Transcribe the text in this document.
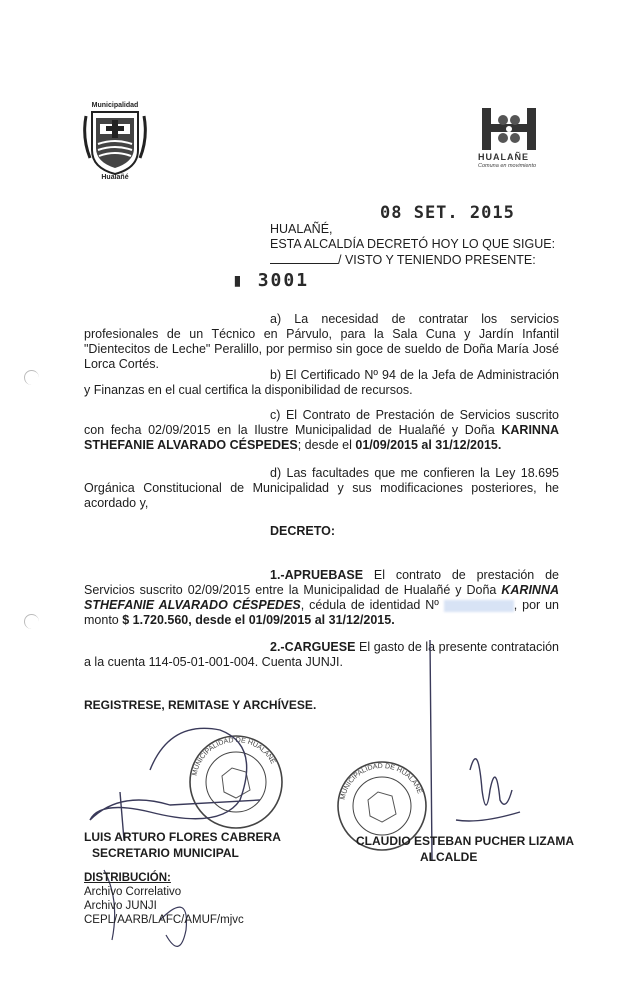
Municipalidad
Hualañé
HUALAÑE
Comuna en movimiento
08 SET. 2015
HUALAÑÉ,
ESTA ALCALDÍA DECRETÓ HOY LO QUE SIGUE:
/ VISTO Y TENIENDO PRESENTE:
▮ 3001
a) La necesidad de contratar los servicios profesionales de un Técnico en Párvulo, para la Sala Cuna y Jardín Infantil "Dientecitos de Leche" Peralillo, por permiso sin goce de sueldo de Doña María José Lorca Cortés.
b) El Certificado Nº 94 de la Jefa de Administración y Finanzas en el cual certifica la disponibilidad de recursos.
c) El Contrato de Prestación de Servicios suscrito con fecha 02/09/2015 en la Ilustre Municipalidad de Hualañé y Doña KARINNA STHEFANIE ALVARADO CÉSPEDES; desde el 01/09/2015 al 31/12/2015.
d) Las facultades que me confieren la Ley 18.695 Orgánica Constitucional de Municipalidad y sus modificaciones posteriores, he acordado y,
DECRETO:
1.-APRUEBASE El contrato de prestación de Servicios suscrito 02/09/2015 entre la Municipalidad de Hualañé y Doña KARINNA STHEFANIE ALVARADO CÉSPEDES, cédula de identidad Nº	, por un monto $ 1.720.560, desde el 01/09/2015 al 31/12/2015.
2.-CARGUESE El gasto de la presente contratación a la cuenta 114-05-01-001-004. Cuenta JUNJI.
REGISTRESE, REMITASE Y ARCHÍVESE.
MUNICIPALIDAD DE HUALAÑÉ
MUNICIPALIDAD DE HUALAÑÉ
LUIS ARTURO FLORES CABRERA
SECRETARIO MUNICIPAL
CLAUDIO ESTEBAN PUCHER LIZAMA
ALCALDE
DISTRIBUCIÓN:
Archivo Correlativo
Archivo JUNJI
CEPL/AARB/LAFC/AMUF/mjvc
